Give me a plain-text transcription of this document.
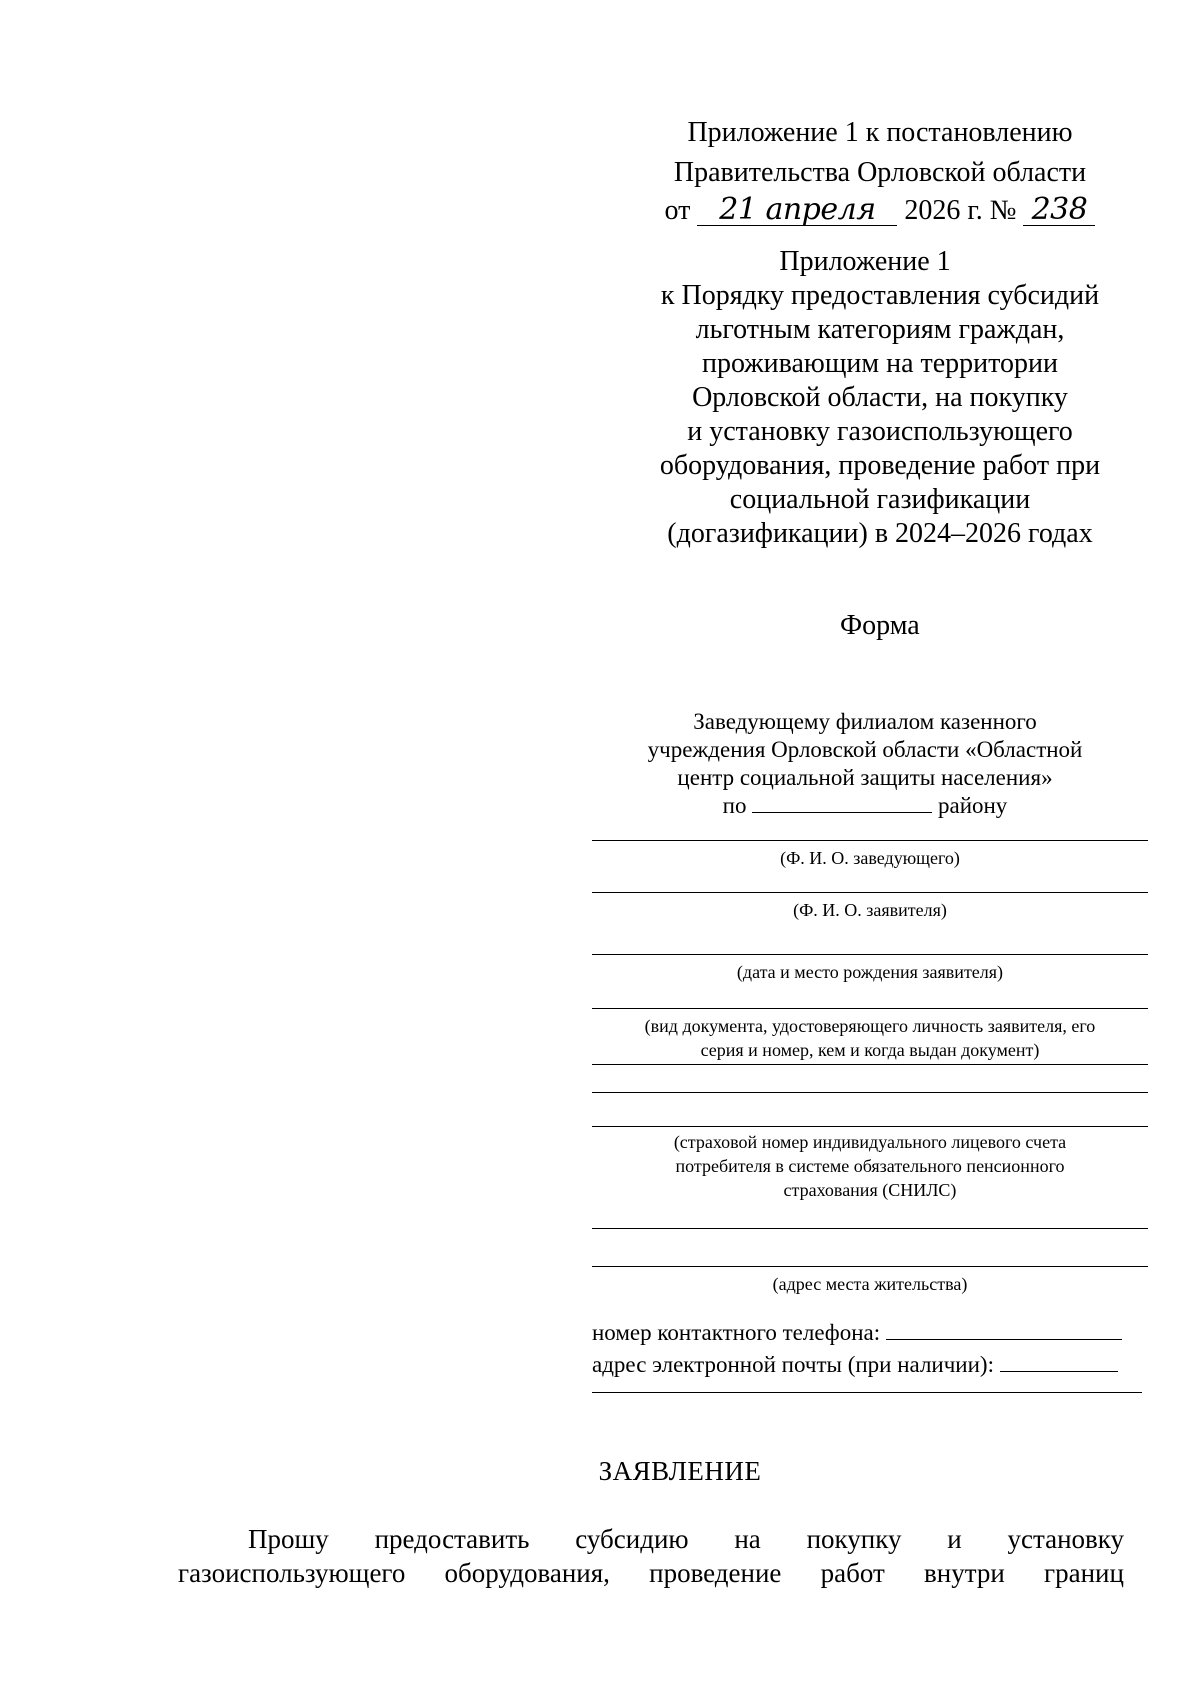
Приложение 1 к постановлению
Правительства Орловской области
от 21 апреля 2026 г. № 238
Приложение 1
к Порядку предоставления субсидий
льготным категориям граждан,
проживающим на территории
Орловской области, на покупку
и установку газоиспользующего
оборудования, проведение работ при
социальной газификации
(догазификации) в 2024–2026 годах
Форма
Заведующему филиалом казенного
учреждения Орловской области «Областной
центр социальной защиты населения»
по	району
(Ф. И. О. заведующего)
(Ф. И. О. заявителя)
(дата и место рождения заявителя)
(вид документа, удостоверяющего личность заявителя, его
серия и номер, кем и когда выдан документ)
(страховой номер индивидуального лицевого счета
потребителя в системе обязательного пенсионного
страхования (СНИЛС)
(адрес места жительства)
номер контактного телефона:
адрес электронной почты (при наличии):
ЗАЯВЛЕНИЕ
Прошу предоставить субсидию на покупку и установку
газоиспользующего оборудования, проведение работ внутри границ
